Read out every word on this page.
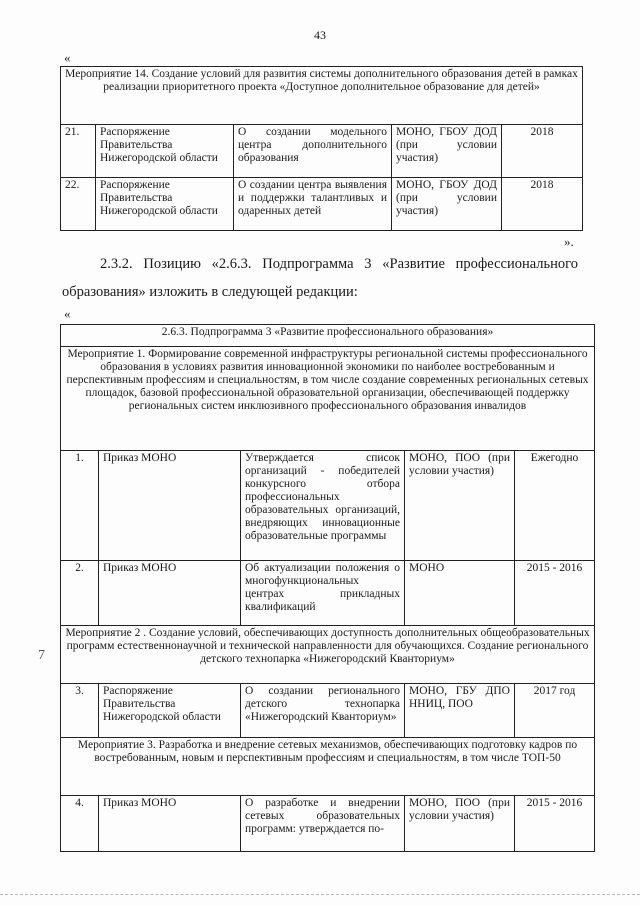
43
«
Мероприятие 14. Создание условий для развития системы дополнительного образования детей в рамках реализации приоритетного проекта «Доступное дополнительное образование для детей»				
21.	Распоряжение Правительства Нижегородской области	О создании модельного центра дополнительного образования	МОНО, ГБОУ ДОД (при условии участия)	2018
22.	Распоряжение Правительства Нижегородской области	О создании центра выявления и поддержки талантливых и одаренных детей	МОНО, ГБОУ ДОД (при условии участия)	2018
».
2.3.2. Позицию «2.6.3. Подпрограмма 3 «Развитие профессионального образования» изложить в следующей редакции:
«
2.6.3. Подпрограмма 3 «Развитие профессионального образования»				
Мероприятие 1. Формирование современной инфраструктуры региональной системы профессионального образования в условиях развития инновационной экономики по наиболее востребованным и перспективным профессиям и специальностям, в том числе создание современных региональных сетевых площадок, базовой профессиональной образовательной организации, обеспечивающей поддержку региональных систем инклюзивного профессионального образования инвалидов				
1.	Приказ МОНО	Утверждается список организаций - победителей конкурсного отбора профессиональных образовательных организаций, внедряющих инновационные образовательные программы	МОНО, ПОО (при условии участия)	Ежегодно
2.	Приказ МОНО	Об актуализации положения о многофункциональных центрах прикладных квалификаций	МОНО	2015 - 2016
Мероприятие 2 . Создание условий, обеспечивающих доступность дополнительных общеобразовательных программ естественнонаучной и технической направленности для обучающихся. Создание регионального детского технопарка «Нижегородский Кванториум»				
3.	Распоряжение Правительства Нижегородской области	О создании регионального детского технопарка «Нижегородский Кванториум»	МОНО, ГБУ ДПО ННИЦ, ПОО	2017 год
Мероприятие 3. Разработка и внедрение сетевых механизмов, обеспечивающих подготовку кадров по востребованным, новым и перспективным профессиям и специальностям, в том числе ТОП-50				
4.	Приказ МОНО	О разработке и внедрении сетевых образовательных программ: утверждается по-	МОНО, ПОО (при условии участия)	2015 - 2016
7
